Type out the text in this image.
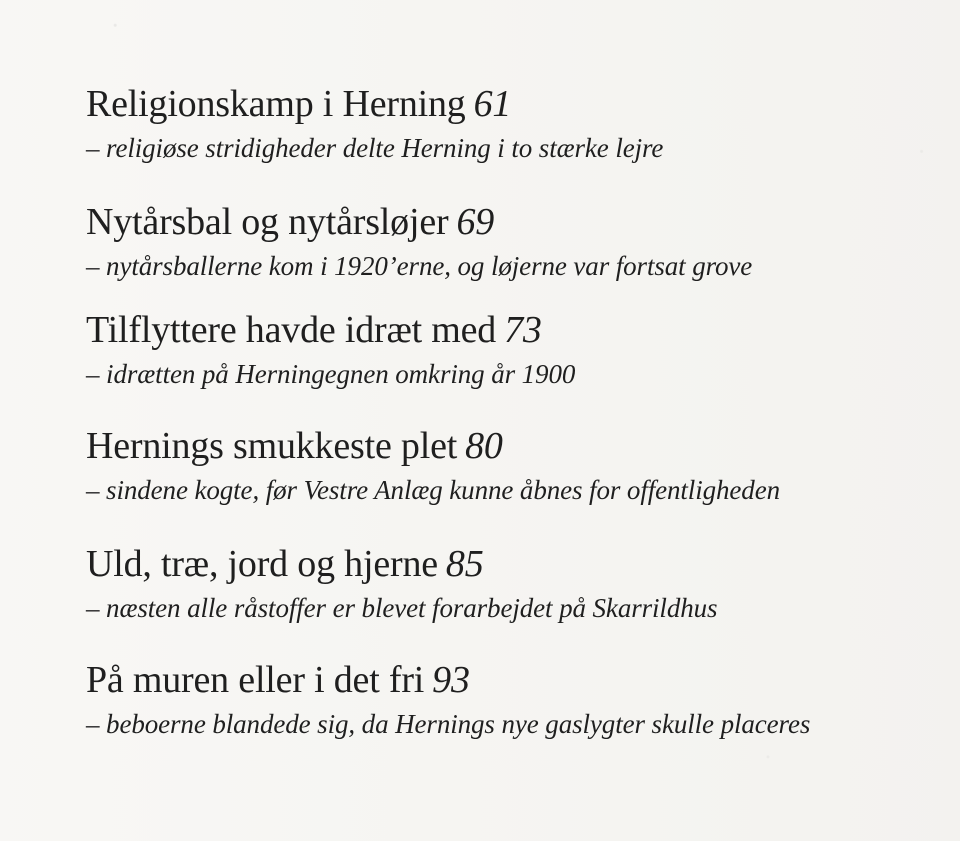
Religionskamp i Herning 61
– religiøse stridigheder delte Herning i to stærke lejre
Nytårsbal og nytårsløjer 69
– nytårsballerne kom i 1920’erne, og løjerne var fortsat grove
Tilflyttere havde idræt med 73
– idrætten på Herningegnen omkring år 1900
Hernings smukkeste plet 80
– sindene kogte, før Vestre Anlæg kunne åbnes for offentligheden
Uld, træ, jord og hjerne 85
– næsten alle råstoffer er blevet forarbejdet på Skarrildhus
På muren eller i det fri 93
– beboerne blandede sig, da Hernings nye gaslygter skulle placeres
